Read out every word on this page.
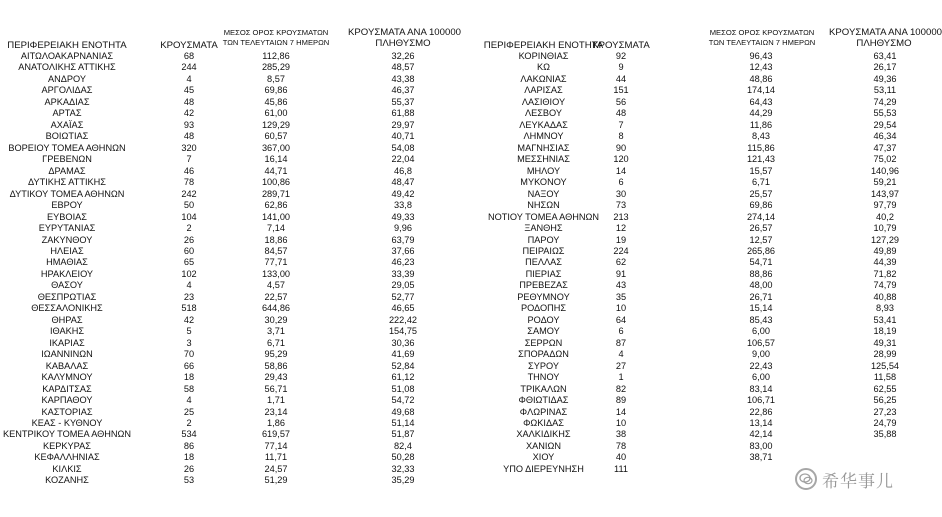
ΠΕΡΙΦΕΡΕΙΑΚΗ ΕΝΟΤΗΤΑ	ΚΡΟΥΣΜΑΤΑ
ΜΕΣΟΣ ΟΡΟΣ ΚΡΟΥΣΜΑΤΩΝ
ΤΩΝ ΤΕΛΕΥΤΑΙΩΝ 7 ΗΜΕΡΩΝ
ΚΡΟΥΣΜΑΤΑ ΑΝΑ 100000
ΠΛΗΘΥΣΜΟ
ΑΙΤΩΛΟΑΚΑΡΝΑΝΙΑΣ	68	112,86	32,26
ΑΝΑΤΟΛΙΚΗΣ ΑΤΤΙΚΗΣ	244	285,29	48,57
ΑΝΔΡΟΥ	4	8,57	43,38
ΑΡΓΟΛΙΔΑΣ	45	69,86	46,37
ΑΡΚΑΔΙΑΣ	48	45,86	55,37
ΑΡΤΑΣ	42	61,00	61,88
ΑΧΑΪΑΣ	93	129,29	29,97
ΒΟΙΩΤΙΑΣ	48	60,57	40,71
ΒΟΡΕΙΟΥ ΤΟΜΕΑ ΑΘΗΝΩΝ	320	367,00	54,08
ΓΡΕΒΕΝΩΝ	7	16,14	22,04
ΔΡΑΜΑΣ	46	44,71	46,8
ΔΥΤΙΚΗΣ ΑΤΤΙΚΗΣ	78	100,86	48,47
ΔΥΤΙΚΟΥ ΤΟΜΕΑ ΑΘΗΝΩΝ	242	289,71	49,42
ΕΒΡΟΥ	50	62,86	33,8
ΕΥΒΟΙΑΣ	104	141,00	49,33
ΕΥΡΥΤΑΝΙΑΣ	2	7,14	9,96
ΖΑΚΥΝΘΟΥ	26	18,86	63,79
ΗΛΕΙΑΣ	60	84,57	37,66
ΗΜΑΘΙΑΣ	65	77,71	46,23
ΗΡΑΚΛΕΙΟΥ	102	133,00	33,39
ΘΑΣΟΥ	4	4,57	29,05
ΘΕΣΠΡΩΤΙΑΣ	23	22,57	52,77
ΘΕΣΣΑΛΟΝΙΚΗΣ	518	644,86	46,65
ΘΗΡΑΣ	42	30,29	222,42
ΙΘΑΚΗΣ	5	3,71	154,75
ΙΚΑΡΙΑΣ	3	6,71	30,36
ΙΩΑΝΝΙΝΩΝ	70	95,29	41,69
ΚΑΒΑΛΑΣ	66	58,86	52,84
ΚΑΛΥΜΝΟΥ	18	29,43	61,12
ΚΑΡΔΙΤΣΑΣ	58	56,71	51,08
ΚΑΡΠΑΘΟΥ	4	1,71	54,72
ΚΑΣΤΟΡΙΑΣ	25	23,14	49,68
ΚΕΑΣ - ΚΥΘΝΟΥ	2	1,86	51,14
ΚΕΝΤΡΙΚΟΥ ΤΟΜΕΑ ΑΘΗΝΩΝ	534	619,57	51,87
ΚΕΡΚΥΡΑΣ	86	77,14	82,4
ΚΕΦΑΛΛΗΝΙΑΣ	18	11,71	50,28
ΚΙΛΚΙΣ	26	24,57	32,33
ΚΟΖΑΝΗΣ	53	51,29	35,29
ΠΕΡΙΦΕΡΕΙΑΚΗ ΕΝΟΤΗΤΑ
ΚΡΟΥΣΜΑΤΑ
ΜΕΣΟΣ ΟΡΟΣ ΚΡΟΥΣΜΑΤΩΝ
ΤΩΝ ΤΕΛΕΥΤΑΙΩΝ 7 ΗΜΕΡΩΝ
ΚΡΟΥΣΜΑΤΑ ΑΝΑ 100000
ΠΛΗΘΥΣΜΟ
ΚΟΡΙΝΘΙΑΣ	92	96,43	63,41
ΚΩ	9	12,43	26,17
ΛΑΚΩΝΙΑΣ	44	48,86	49,36
ΛΑΡΙΣΑΣ	151	174,14	53,11
ΛΑΣΙΘΙΟΥ	56	64,43	74,29
ΛΕΣΒΟΥ	48	44,29	55,53
ΛΕΥΚΑΔΑΣ	7	11,86	29,54
ΛΗΜΝΟΥ	8	8,43	46,34
ΜΑΓΝΗΣΙΑΣ	90	115,86	47,37
ΜΕΣΣΗΝΙΑΣ	120	121,43	75,02
ΜΗΛΟΥ	14	15,57	140,96
ΜΥΚΟΝΟΥ	6	6,71	59,21
ΝΑΞΟΥ	30	25,57	143,97
ΝΗΣΩΝ	73	69,86	97,79
ΝΟΤΙΟΥ ΤΟΜΕΑ ΑΘΗΝΩΝ	213	274,14	40,2
ΞΑΝΘΗΣ	12	26,57	10,79
ΠΑΡΟΥ	19	12,57	127,29
ΠΕΙΡΑΙΩΣ	224	265,86	49,89
ΠΕΛΛΑΣ	62	54,71	44,39
ΠΙΕΡΙΑΣ	91	88,86	71,82
ΠΡΕΒΕΖΑΣ	43	48,00	74,79
ΡΕΘΥΜΝΟΥ	35	26,71	40,88
ΡΟΔΟΠΗΣ	10	15,14	8,93
ΡΟΔΟΥ	64	85,43	53,41
ΣΑΜΟΥ	6	6,00	18,19
ΣΕΡΡΩΝ	87	106,57	49,31
ΣΠΟΡΑΔΩΝ	4	9,00	28,99
ΣΥΡΟΥ	27	22,43	125,54
ΤΗΝΟΥ	1	6,00	11,58
ΤΡΙΚΑΛΩΝ	82	83,14	62,55
ΦΘΙΩΤΙΔΑΣ	89	106,71	56,25
ΦΛΩΡΙΝΑΣ	14	22,86	27,23
ΦΩΚΙΔΑΣ	10	13,14	24,79
ΧΑΛΚΙΔΙΚΗΣ	38	42,14	35,88
ΧΑΝΙΩΝ	78	83,00
ΧΙΟΥ	40	38,71
ΥΠΟ ΔΙΕΡΕΥΝΗΣΗ	111
希华事儿
